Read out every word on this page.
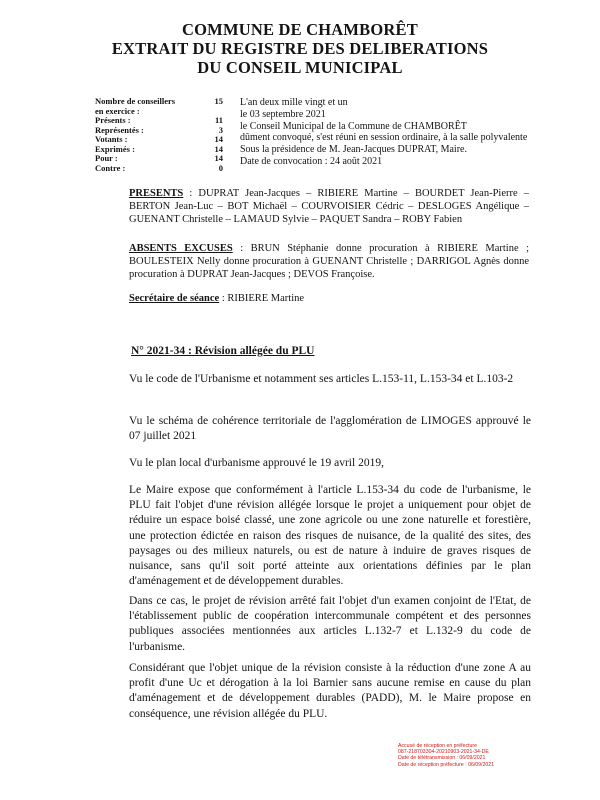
COMMUNE DE CHAMBORÊT
EXTRAIT DU REGISTRE DES DELIBERATIONS
DU CONSEIL MUNICIPAL
Nombre de conseillers	15
en exercice :
Présents :	11
Représentés :	3
Votants :	14
Exprimés :	14
Pour :	14
Contre :	0
L'an deux mille vingt et un
le 03 septembre 2021
le Conseil Municipal de la Commune de CHAMBORÊT
dûment convoqué, s'est réuni en session ordinaire, à la salle polyvalente
Sous la présidence de M. Jean-Jacques DUPRAT, Maire.
Date de convocation : 24 août 2021
PRESENTS : DUPRAT Jean-Jacques – RIBIERE Martine – BOURDET Jean-Pierre – BERTON Jean-Luc – BOT Michaël – COURVOISIER Cédric – DESLOGES Angélique – GUENANT Christelle – LAMAUD Sylvie – PAQUET Sandra – ROBY Fabien
ABSENTS EXCUSES : BRUN Stéphanie donne procuration à RIBIERE Martine ; BOULESTEIX Nelly donne procuration à GUENANT Christelle ; DARRIGOL Agnès donne procuration à DUPRAT Jean-Jacques ; DEVOS Françoise.
Secrétaire de séance : RIBIERE Martine
N° 2021-34 : Révision allégée du PLU
Vu le code de l'Urbanisme et notamment ses articles L.153-11, L.153-34 et L.103-2
Vu le schéma de cohérence territoriale de l'agglomération de LIMOGES approuvé le 07 juillet 2021
Vu le plan local d'urbanisme approuvé le 19 avril 2019,
Le Maire expose que conformément à l'article L.153-34 du code de l'urbanisme, le PLU fait l'objet d'une révision allégée lorsque le projet a uniquement pour objet de réduire un espace boisé classé, une zone agricole ou une zone naturelle et forestière, une protection édictée en raison des risques de nuisance, de la qualité des sites, des paysages ou des milieux naturels, ou est de nature à induire de graves risques de nuisance, sans qu'il soit porté atteinte aux orientations définies par le plan d'aménagement et de développement durables.
Dans ce cas, le projet de révision arrêté fait l'objet d'un examen conjoint de l'Etat, de l'établissement public de coopération intercommunale compétent et des personnes publiques associées mentionnées aux articles L.132-7 et L.132-9 du code de l'urbanisme.
Considérant que l'objet unique de la révision consiste à la réduction d'une zone A au profit d'une Uc et dérogation à la loi Barnier sans aucune remise en cause du plan d'aménagement et de développement durables (PADD), M. le Maire propose en conséquence, une révision allégée du PLU.
Accusé de réception en préfecture
087-218703304-20210903-2021-34-DE
Date de télétransmission : 06/09/2021
Date de réception préfecture : 06/09/2021
